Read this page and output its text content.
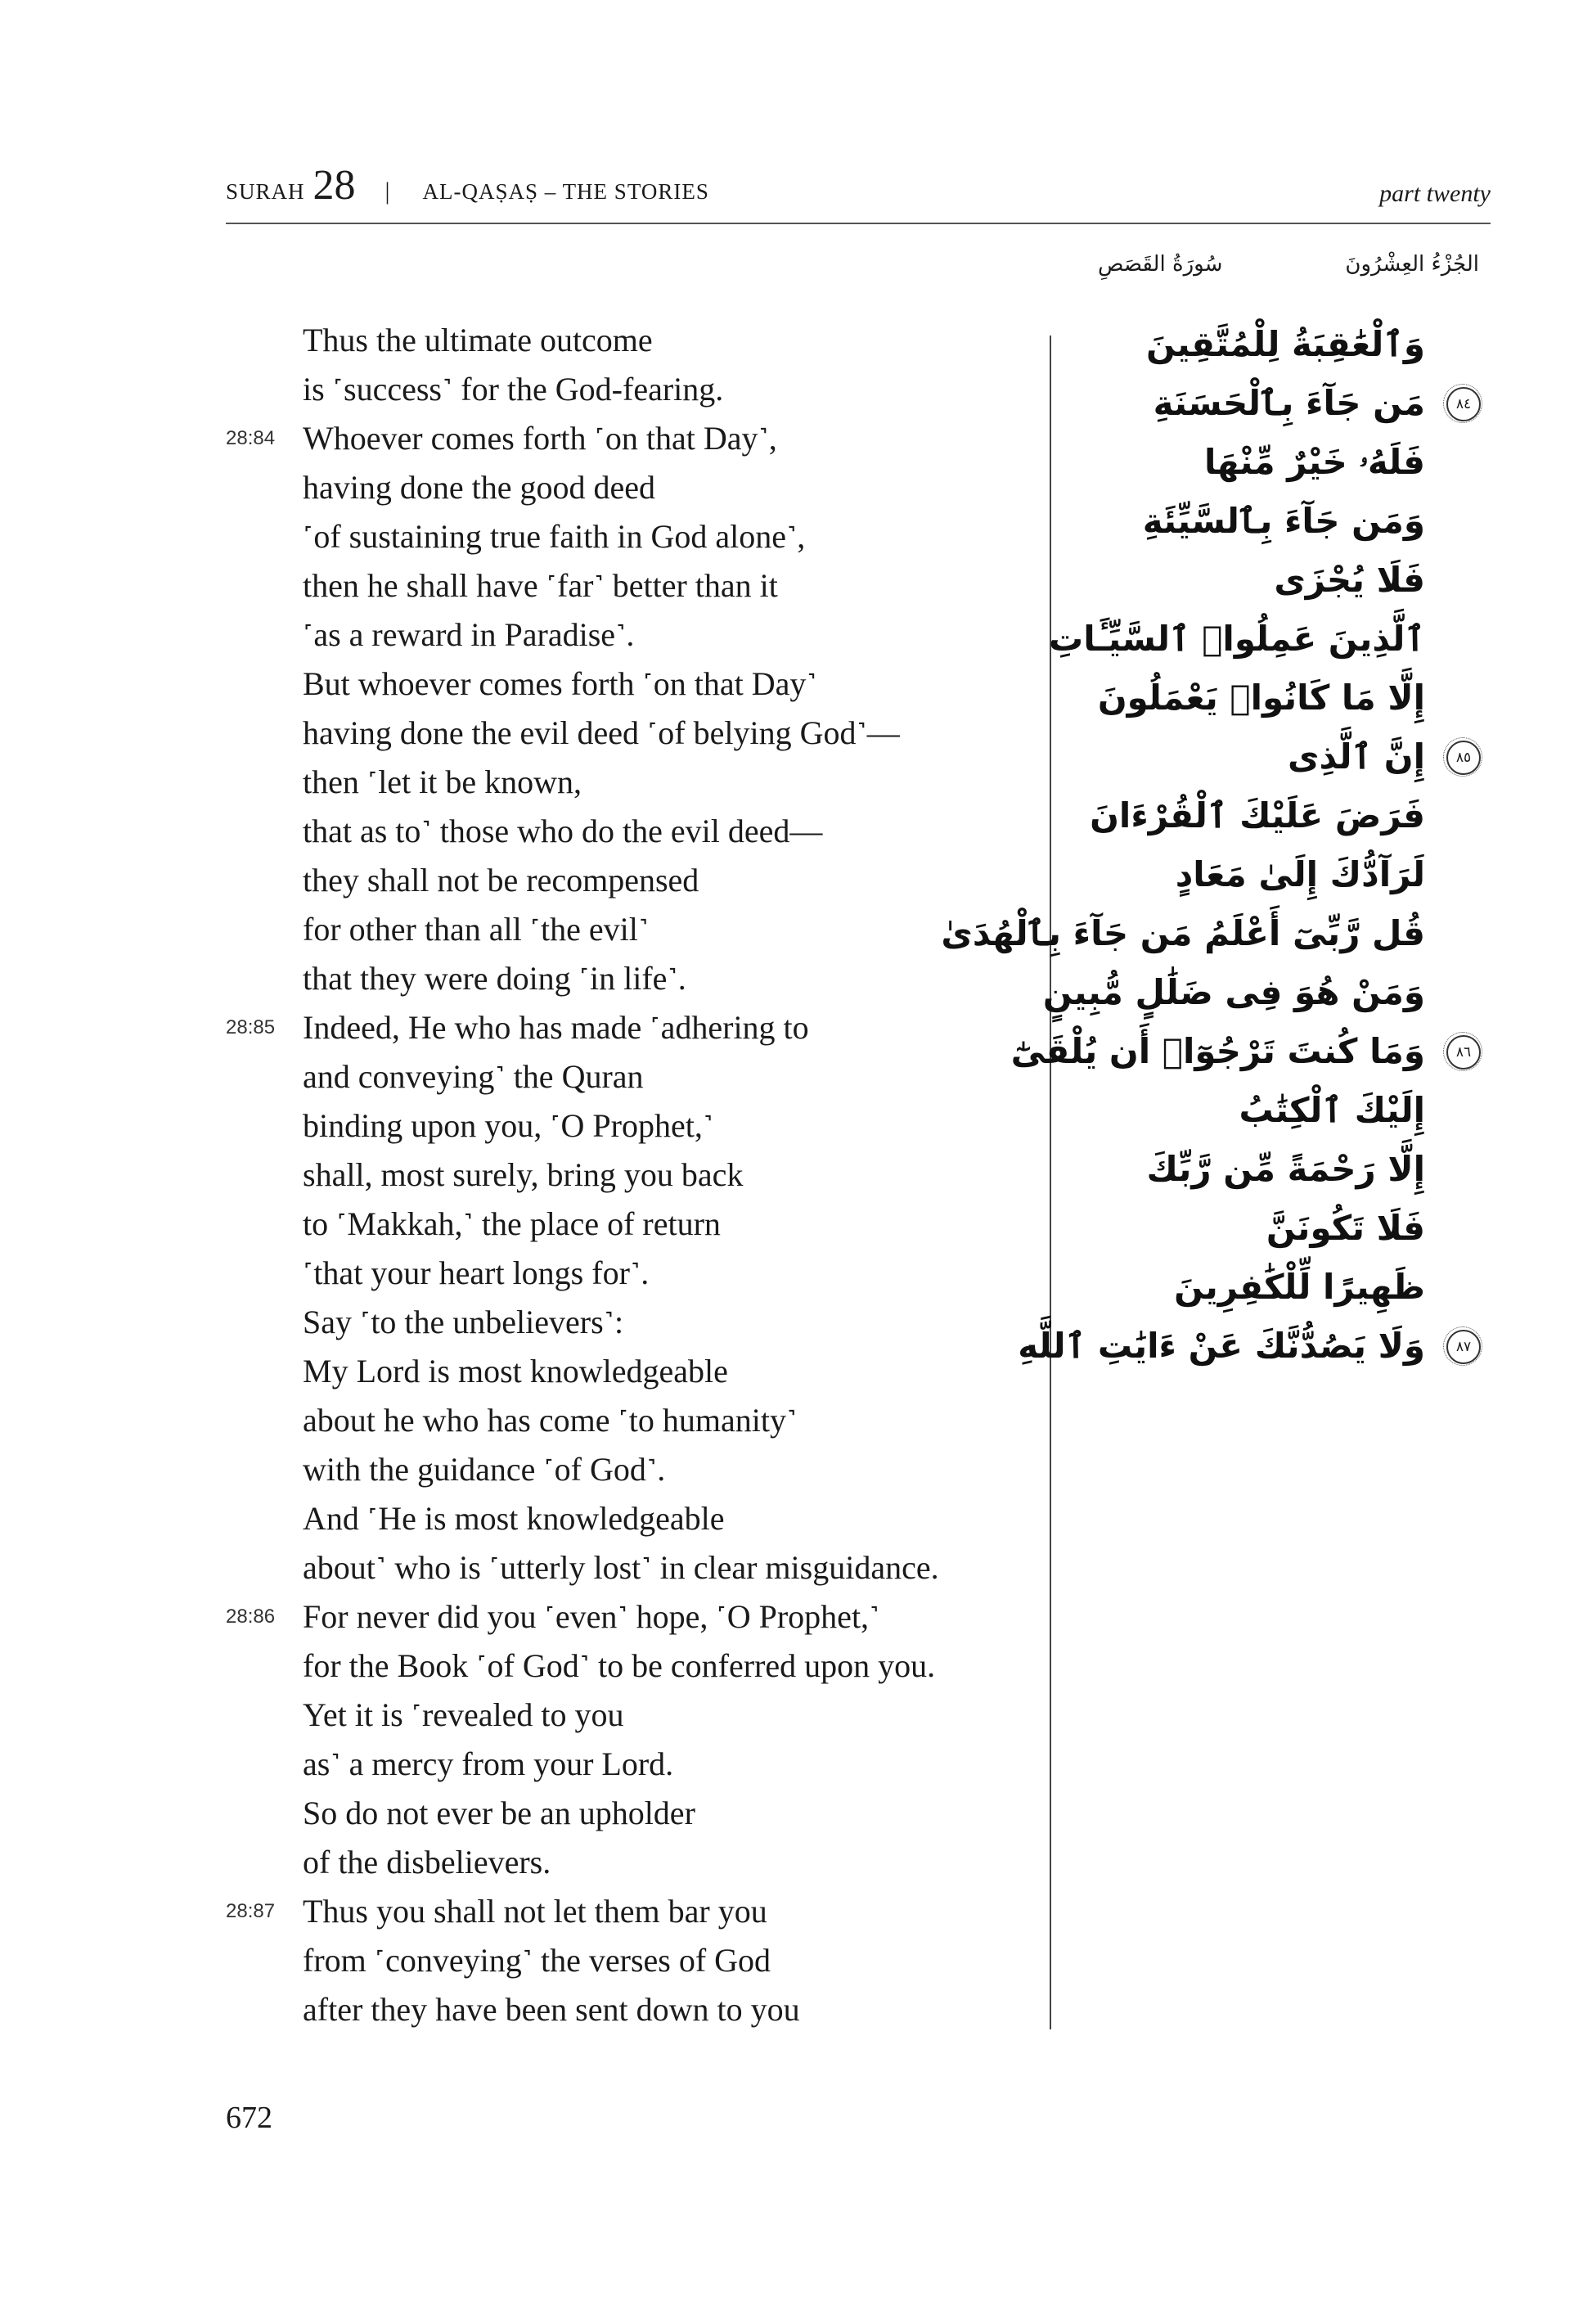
SURAH 28 | AL-QAṢAṢ – THE STORIES	part twenty
الجُزْءُ العِشْرُونَ
سُورَةُ القَصَصِ
Thus the ultimate outcome
is ˹success˺ for the God-fearing.
28:84 Whoever comes forth ˹on that Day˺,
having done the good deed
˹of sustaining true faith in God alone˺,
then he shall have ˹far˺ better than it
˹as a reward in Paradise˺.
But whoever comes forth ˹on that Day˺
having done the evil deed ˹of belying God˺—
then ˹let it be known,
that as to˺ those who do the evil deed—
they shall not be recompensed
for other than all ˹the evil˺
that they were doing ˹in life˺.
28:85 Indeed, He who has made ˹adhering to
and conveying˺ the Quran
binding upon you, ˹O Prophet,˺
shall, most surely, bring you back
to ˹Makkah,˺ the place of return
˹that your heart longs for˺.
Say ˹to the unbelievers˺:
My Lord is most knowledgeable
about he who has come ˹to humanity˺
with the guidance ˹of God˺.
And ˹He is most knowledgeable
about˺ who is ˹utterly lost˺ in clear misguidance.
28:86 For never did you ˹even˺ hope, ˹O Prophet,˺
for the Book ˹of God˺ to be conferred upon you.
Yet it is ˹revealed to you
as˺ a mercy from your Lord.
So do not ever be an upholder
of the disbelievers.
28:87 Thus you shall not let them bar you
from ˹conveying˺ the verses of God
after they have been sent down to you
وَٱلْعَٰقِبَةُ لِلْمُتَّقِينَ
مَن جَآءَ بِٱلْحَسَنَةِ	٨٤
فَلَهُۥ خَيْرٌ مِّنْهَا
وَمَن جَآءَ بِٱلسَّيِّئَةِ
فَلَا يُجْزَى
ٱلَّذِينَ عَمِلُوا۟ ٱلسَّيِّـَٔاتِ
إِلَّا مَا كَانُوا۟ يَعْمَلُونَ
إِنَّ ٱلَّذِى	٨٥
فَرَضَ عَلَيْكَ ٱلْقُرْءَانَ
لَرَآدُّكَ إِلَىٰ مَعَادٍ
قُل رَّبِّىٓ أَعْلَمُ مَن جَآءَ بِٱلْهُدَىٰ
وَمَنْ هُوَ فِى ضَلَٰلٍ مُّبِينٍ
وَمَا كُنتَ تَرْجُوٓا۟ أَن يُلْقَىٰٓ	٨٦
إِلَيْكَ ٱلْكِتَٰبُ
إِلَّا رَحْمَةً مِّن رَّبِّكَ
فَلَا تَكُونَنَّ
ظَهِيرًا لِّلْكَٰفِرِينَ
وَلَا يَصُدُّنَّكَ عَنْ ءَايَٰتِ ٱللَّهِ	٨٧
672
